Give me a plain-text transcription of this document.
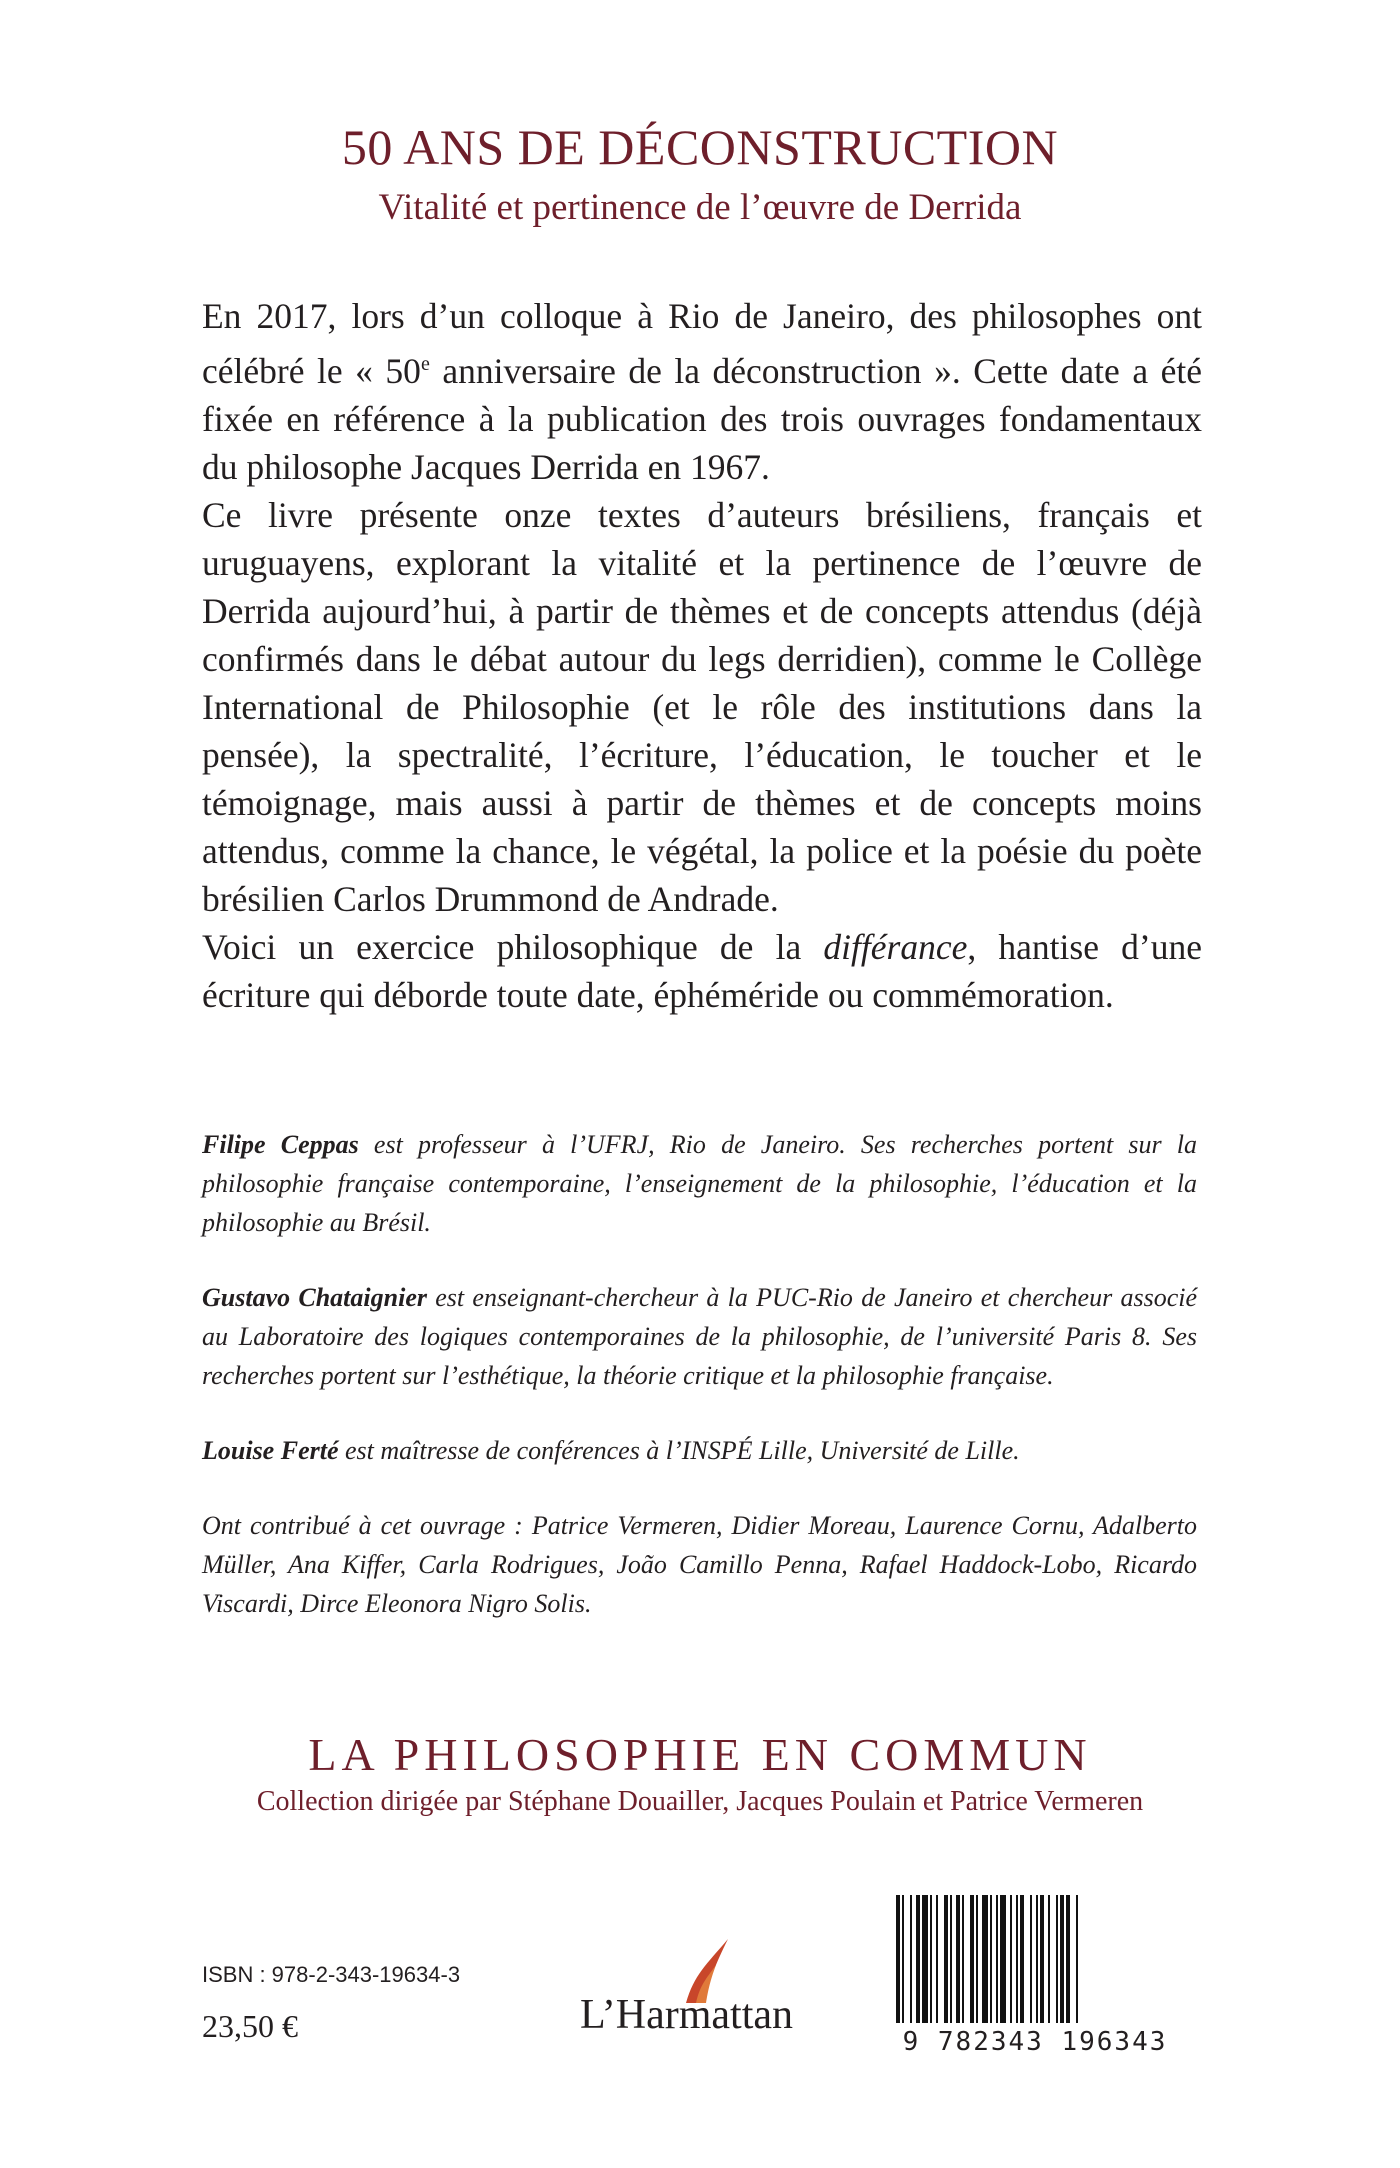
50 ANS DE DÉCONSTRUCTION
Vitalité et pertinence de l’œuvre de Derrida

En 2017, lors d’un colloque à Rio de Janeiro, des philosophes ont célébré le « 50e anniversaire de la déconstruction ». Cette date a été fixée en référence à la publication des trois ouvrages fondamentaux du philosophe Jacques Derrida en 1967.

Ce livre présente onze textes d’auteurs brésiliens, français et uruguayens, explorant la vitalité et la pertinence de l’œuvre de Derrida aujourd’hui, à partir de thèmes et de concepts attendus (déjà confirmés dans le débat autour du legs derridien), comme le Collège International de Philosophie (et le rôle des institutions dans la pensée), la spectralité, l’écriture, l’éducation, le toucher et le témoignage, mais aussi à partir de thèmes et de concepts moins attendus, comme la chance, le végétal, la police et la poésie du poète brésilien Carlos Drummond de Andrade.

Voici un exercice philosophique de la différance, hantise d’une écriture qui déborde toute date, éphéméride ou commémoration.

Filipe Ceppas est professeur à l’UFRJ, Rio de Janeiro. Ses recherches portent sur la philosophie française contemporaine, l’enseignement de la philosophie, l’éducation et la philosophie au Brésil.

Gustavo Chataignier est enseignant-chercheur à la PUC-Rio de Janeiro et chercheur associé au Laboratoire des logiques contemporaines de la philosophie, de l’université Paris 8. Ses recherches portent sur l’esthétique, la théorie critique et la philosophie française.

Louise Ferté est maîtresse de conférences à l’INSPÉ Lille, Université de Lille.

Ont contribué à cet ouvrage : Patrice Vermeren, Didier Moreau, Laurence Cornu, Adalberto Müller, Ana Kiffer, Carla Rodrigues, João Camillo Penna, Rafael Haddock-Lobo, Ricardo Viscardi, Dirce Eleonora Nigro Solis.

LA PHILOSOPHIE EN COMMUN
Collection dirigée par Stéphane Douailler, Jacques Poulain et Patrice Vermeren
ISBN : 978-2-343-19634-3
23,50 €	L’Harmattan
9 782343 196343
